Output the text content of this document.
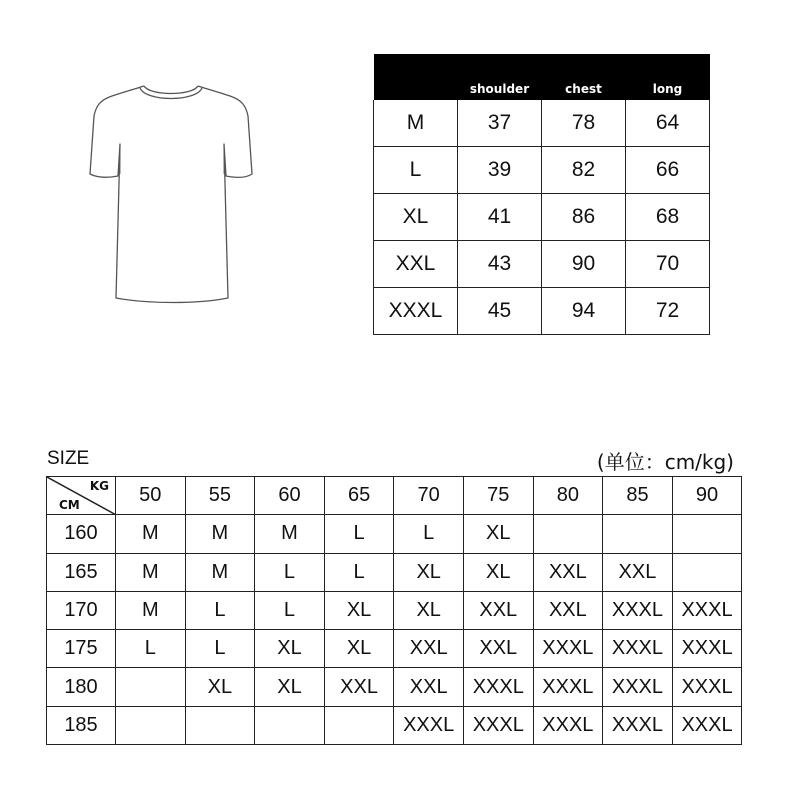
	shoulder	chest	long

M	37	78	64
L	39	82	66
XL	41	86	68
XXL	43	90	70
XXXL	45	94	72
SIZE	(单位：cm/kg)
KG
CM	50	55	60	65	70	75	80	85	90
160	M	M	M	L	L	XL			
165	M	M	L	L	XL	XL	XXL	XXL	
170	M	L	L	XL	XL	XXL	XXL	XXXL	XXXL
175	L	L	XL	XL	XXL	XXL	XXXL	XXXL	XXXL
180		XL	XL	XXL	XXL	XXXL	XXXL	XXXL	XXXL
185					XXXL	XXXL	XXXL	XXXL	XXXL
